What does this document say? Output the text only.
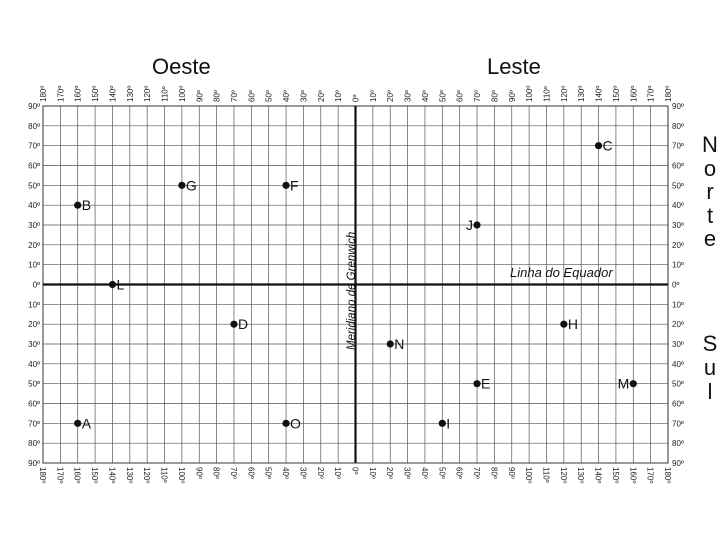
Oeste	Leste
N
o
r
t
e
S
u
l
180º
180º
170º
170º
160º
160º
150º
150º
140º
140º
130º
130º
120º
120º
110º
110º
100º
100º
90º
90º
80º
80º
70º
70º
60º
60º
50º
50º
40º
40º
30º
30º
20º
20º
10º
10º
0º
0º
10º
10º
20º
20º
30º
30º
40º
40º
50º
50º
60º
60º
70º
70º
80º
80º
90º
90º
100º
100º
110º
110º
120º
120º
130º
130º
140º
140º
150º
150º
160º
160º
170º
170º
180º
180º
90º	90º
80º	80º
70º	70º
60º	60º
50º	50º
40º	40º
30º	30º
20º	20º
10º	10º
0º	0º
10º	10º
20º	20º
30º	30º
40º	40º
50º	50º
60º	60º
70º	70º
80º	80º
90º	90º
Linha do Equador
Meridiano de Grenwich
A
B
C
D
E
F
G
H
I
J
L
M
N
O
